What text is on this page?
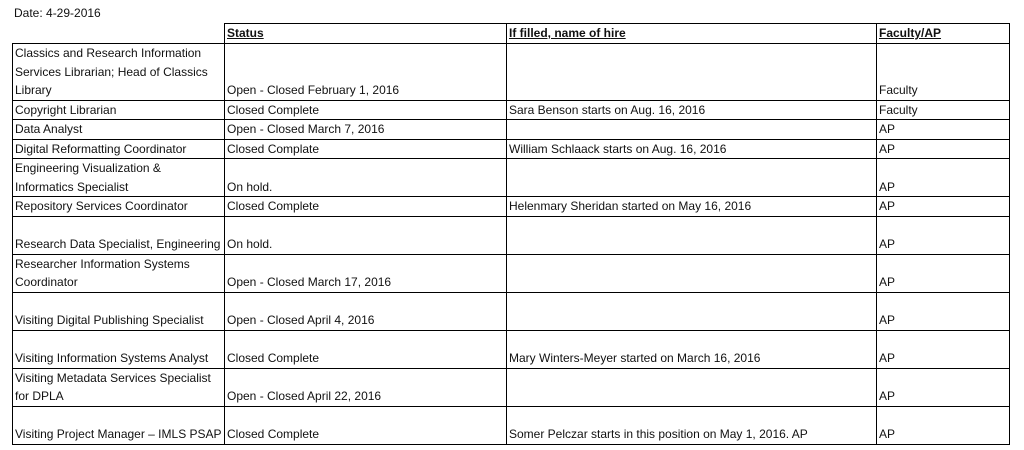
Date: 4-29-2016
	Status	If filled, name of hire	Faculty/AP
Classics and Research Information Services Librarian; Head of Classics Library	Open - Closed February 1, 2016		Faculty
Copyright Librarian	Closed Complete	Sara Benson starts on Aug. 16, 2016	Faculty
Data Analyst	Open - Closed March 7, 2016		AP
Digital Reformatting Coordinator	Closed Complate	William Schlaack starts on Aug. 16, 2016	AP
Engineering Visualization & Informatics Specialist	On hold.		AP
Repository Services Coordinator	Closed Complete	Helenmary Sheridan started on May 16, 2016	AP
Research Data Specialist, Engineering	On hold.		AP
Researcher Information Systems Coordinator	Open - Closed March 17, 2016		AP
Visiting Digital Publishing Specialist	Open - Closed April 4, 2016		AP
Visiting Information Systems Analyst	Closed Complete	Mary Winters-Meyer started on March 16, 2016	AP
Visiting Metadata Services Specialist for DPLA	Open - Closed April 22, 2016		AP
Visiting Project Manager – IMLS PSAP	Closed Complete	Somer Pelczar starts in this position on May 1, 2016. AP	AP
